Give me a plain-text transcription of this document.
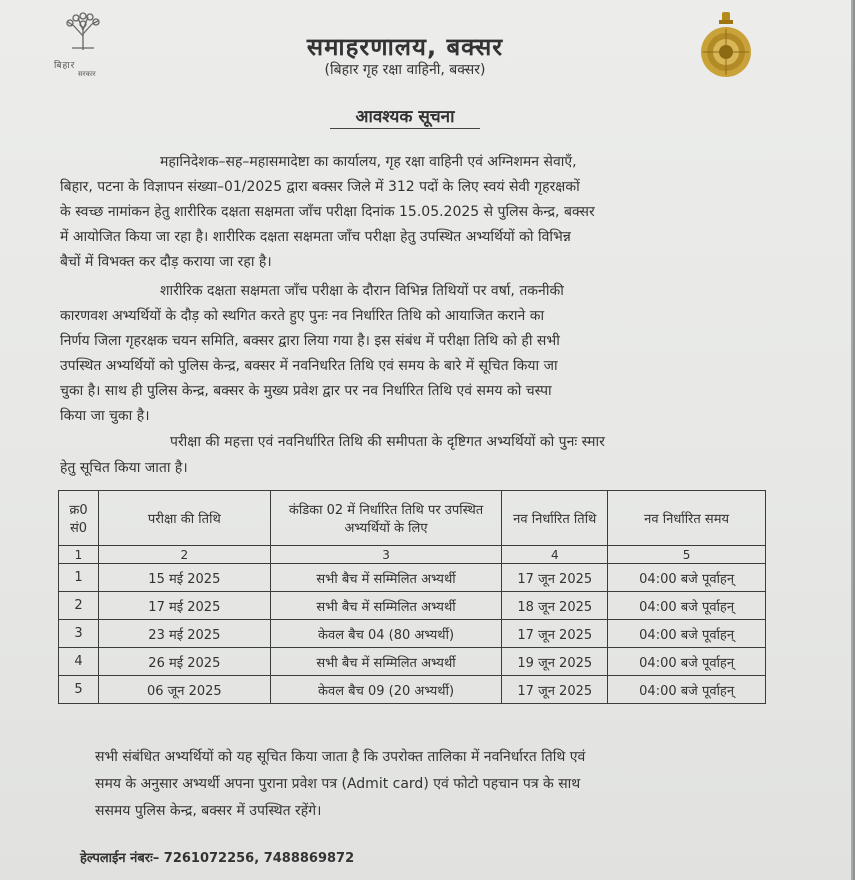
बिहार
सरकार
समाहरणालय, बक्सर
(बिहार गृह रक्षा वाहिनी, बक्सर)
आवश्यक सूचना
महानिदेशक–सह–महासमादेष्टा का कार्यालय, गृह रक्षा वाहिनी एवं अग्निशमन सेवाएँ,
बिहार, पटना के विज्ञापन संख्या–01/2025 द्वारा बक्सर जिले में 312 पदों के लिए स्वयं सेवी गृहरक्षकों
के स्वच्छ नामांकन हेतु शारीरिक दक्षता सक्षमता जाँच परीक्षा दिनांक 15.05.2025 से पुलिस केन्द्र, बक्सर
में आयोजित किया जा रहा है। शारीरिक दक्षता सक्षमता जाँच परीक्षा हेतु उपस्थित अभ्यर्थियों को विभिन्न
बैचों में विभक्त कर दौड़ कराया जा रहा है।
शारीरिक दक्षता सक्षमता जाँच परीक्षा के दौरान विभिन्न तिथियों पर वर्षा, तकनीकी
कारणवश अभ्यर्थियों के दौड़ को स्थगित करते हुए पुनः नव निर्धारित तिथि को आयाजित कराने का
निर्णय जिला गृहरक्षक चयन समिति, बक्सर द्वारा लिया गया है। इस संबंध में परीक्षा तिथि को ही सभी
उपस्थित अभ्यर्थियों को पुलिस केन्द्र, बक्सर में नवनिधरित तिथि एवं समय के बारे में सूचित किया जा
चुका है। साथ ही पुलिस केन्द्र, बक्सर के मुख्य प्रवेश द्वार पर नव निर्धारित तिथि एवं समय को चस्पा
किया जा चुका है।
परीक्षा की महत्ता एवं नवनिर्धारित तिथि की समीपता के दृष्टिगत अभ्यर्थियों को पुनः स्मार
हेतु सूचित किया जाता है।
क्र0 सं0	परीक्षा की तिथि	कंडिका 02 में निर्धारित तिथि पर उपस्थित अभ्यर्थियों के लिए	नव निर्धारित तिथि	नव निर्धारित समय
1	2	3	4	5
1	15 मई 2025	सभी बैच में सम्मिलित अभ्यर्थी	17 जून 2025	04:00 बजे पूर्वाहन्
2	17 मई 2025	सभी बैच में सम्मिलित अभ्यर्थी	18 जून 2025	04:00 बजे पूर्वाहन्
3	23 मई 2025	केवल बैच 04 (80 अभ्यर्थी)	17 जून 2025	04:00 बजे पूर्वाहन्
4	26 मई 2025	सभी बैच में सम्मिलित अभ्यर्थी	19 जून 2025	04:00 बजे पूर्वाहन्
5	06 जून 2025	केवल बैच 09 (20 अभ्यर्थी)	17 जून 2025	04:00 बजे पूर्वाहन्
सभी संबंधित अभ्यर्थियों को यह सूचित किया जाता है कि उपरोक्त तालिका में नवनिर्धारत तिथि एवं
समय के अनुसार अभ्यर्थी अपना पुराना प्रवेश पत्र (Admit card) एवं फोटो पहचान पत्र के साथ
ससमय पुलिस केन्द्र, बक्सर में उपस्थित रहेंगे।
हेल्पलाईन नंबरः– 7261072256, 7488869872
